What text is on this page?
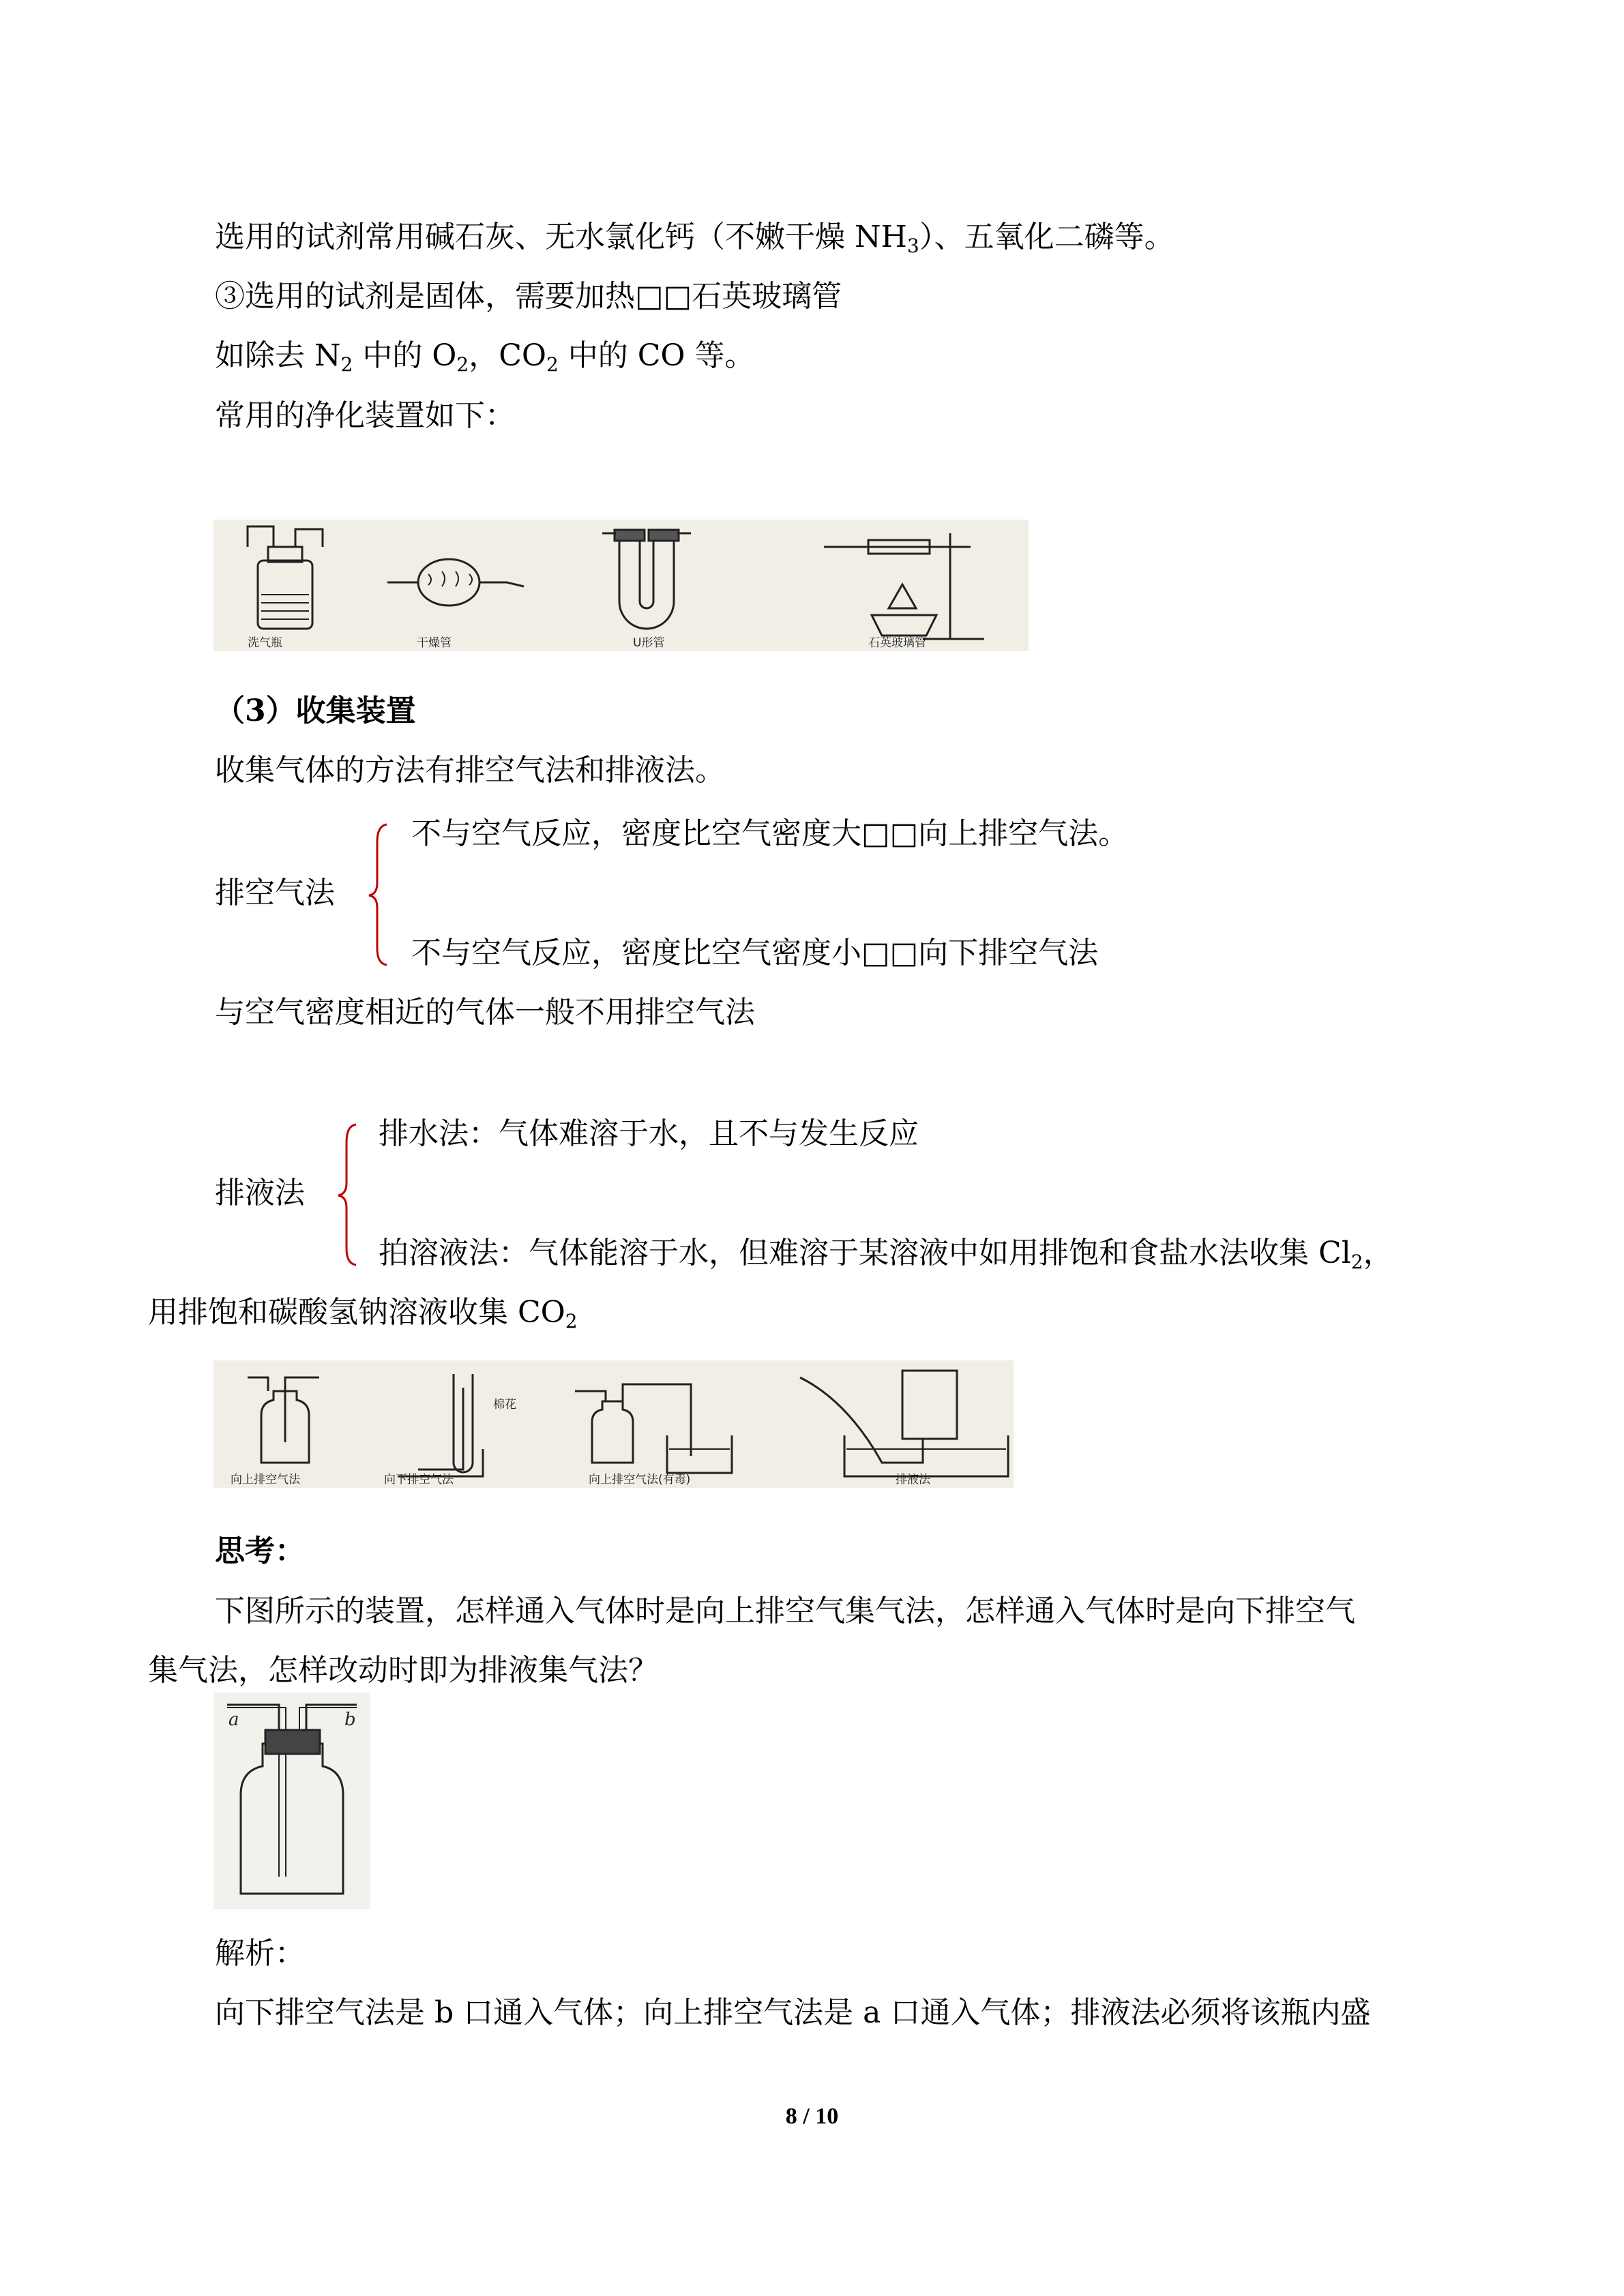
选用的试剂常用碱石灰、无水氯化钙（不嫩干燥 $NH_3$）、五氧化二磷等。
③选用的试剂是固体，需要加热□□石英玻璃管
如除去 $N_2$ 中的 $O_2$，$CO_2$ 中的 CO 等。
常用的净化装置如下：
洗气瓶	干燥管	U形管	石英玻璃管
（3）收集装置
收集气体的方法有排空气法和排液法。
不与空气反应，密度比空气密度大□□向上排空气法。
排空气法
不与空气反应，密度比空气密度小□□向下排空气法
与空气密度相近的气体一般不用排空气法
排水法：气体难溶于水，且不与发生反应
排液法
拍溶液法：气体能溶于水，但难溶于某溶液中如用排饱和食盐水法收集 $Cl_2$，
用排饱和碳酸氢钠溶液收集 $CO_2$
向上排空气法
棉花
向下排空气法	向上排空气法(有毒)	排液法
思考：
下图所示的装置，怎样通入气体时是向上排空气集气法，怎样通入气体时是向下排空气
集气法，怎样改动时即为排液集气法？
a	b
解析：
向下排空气法是 b 口通入气体；向上排空气法是 a 口通入气体；排液法必须将该瓶内盛
8 / 10
